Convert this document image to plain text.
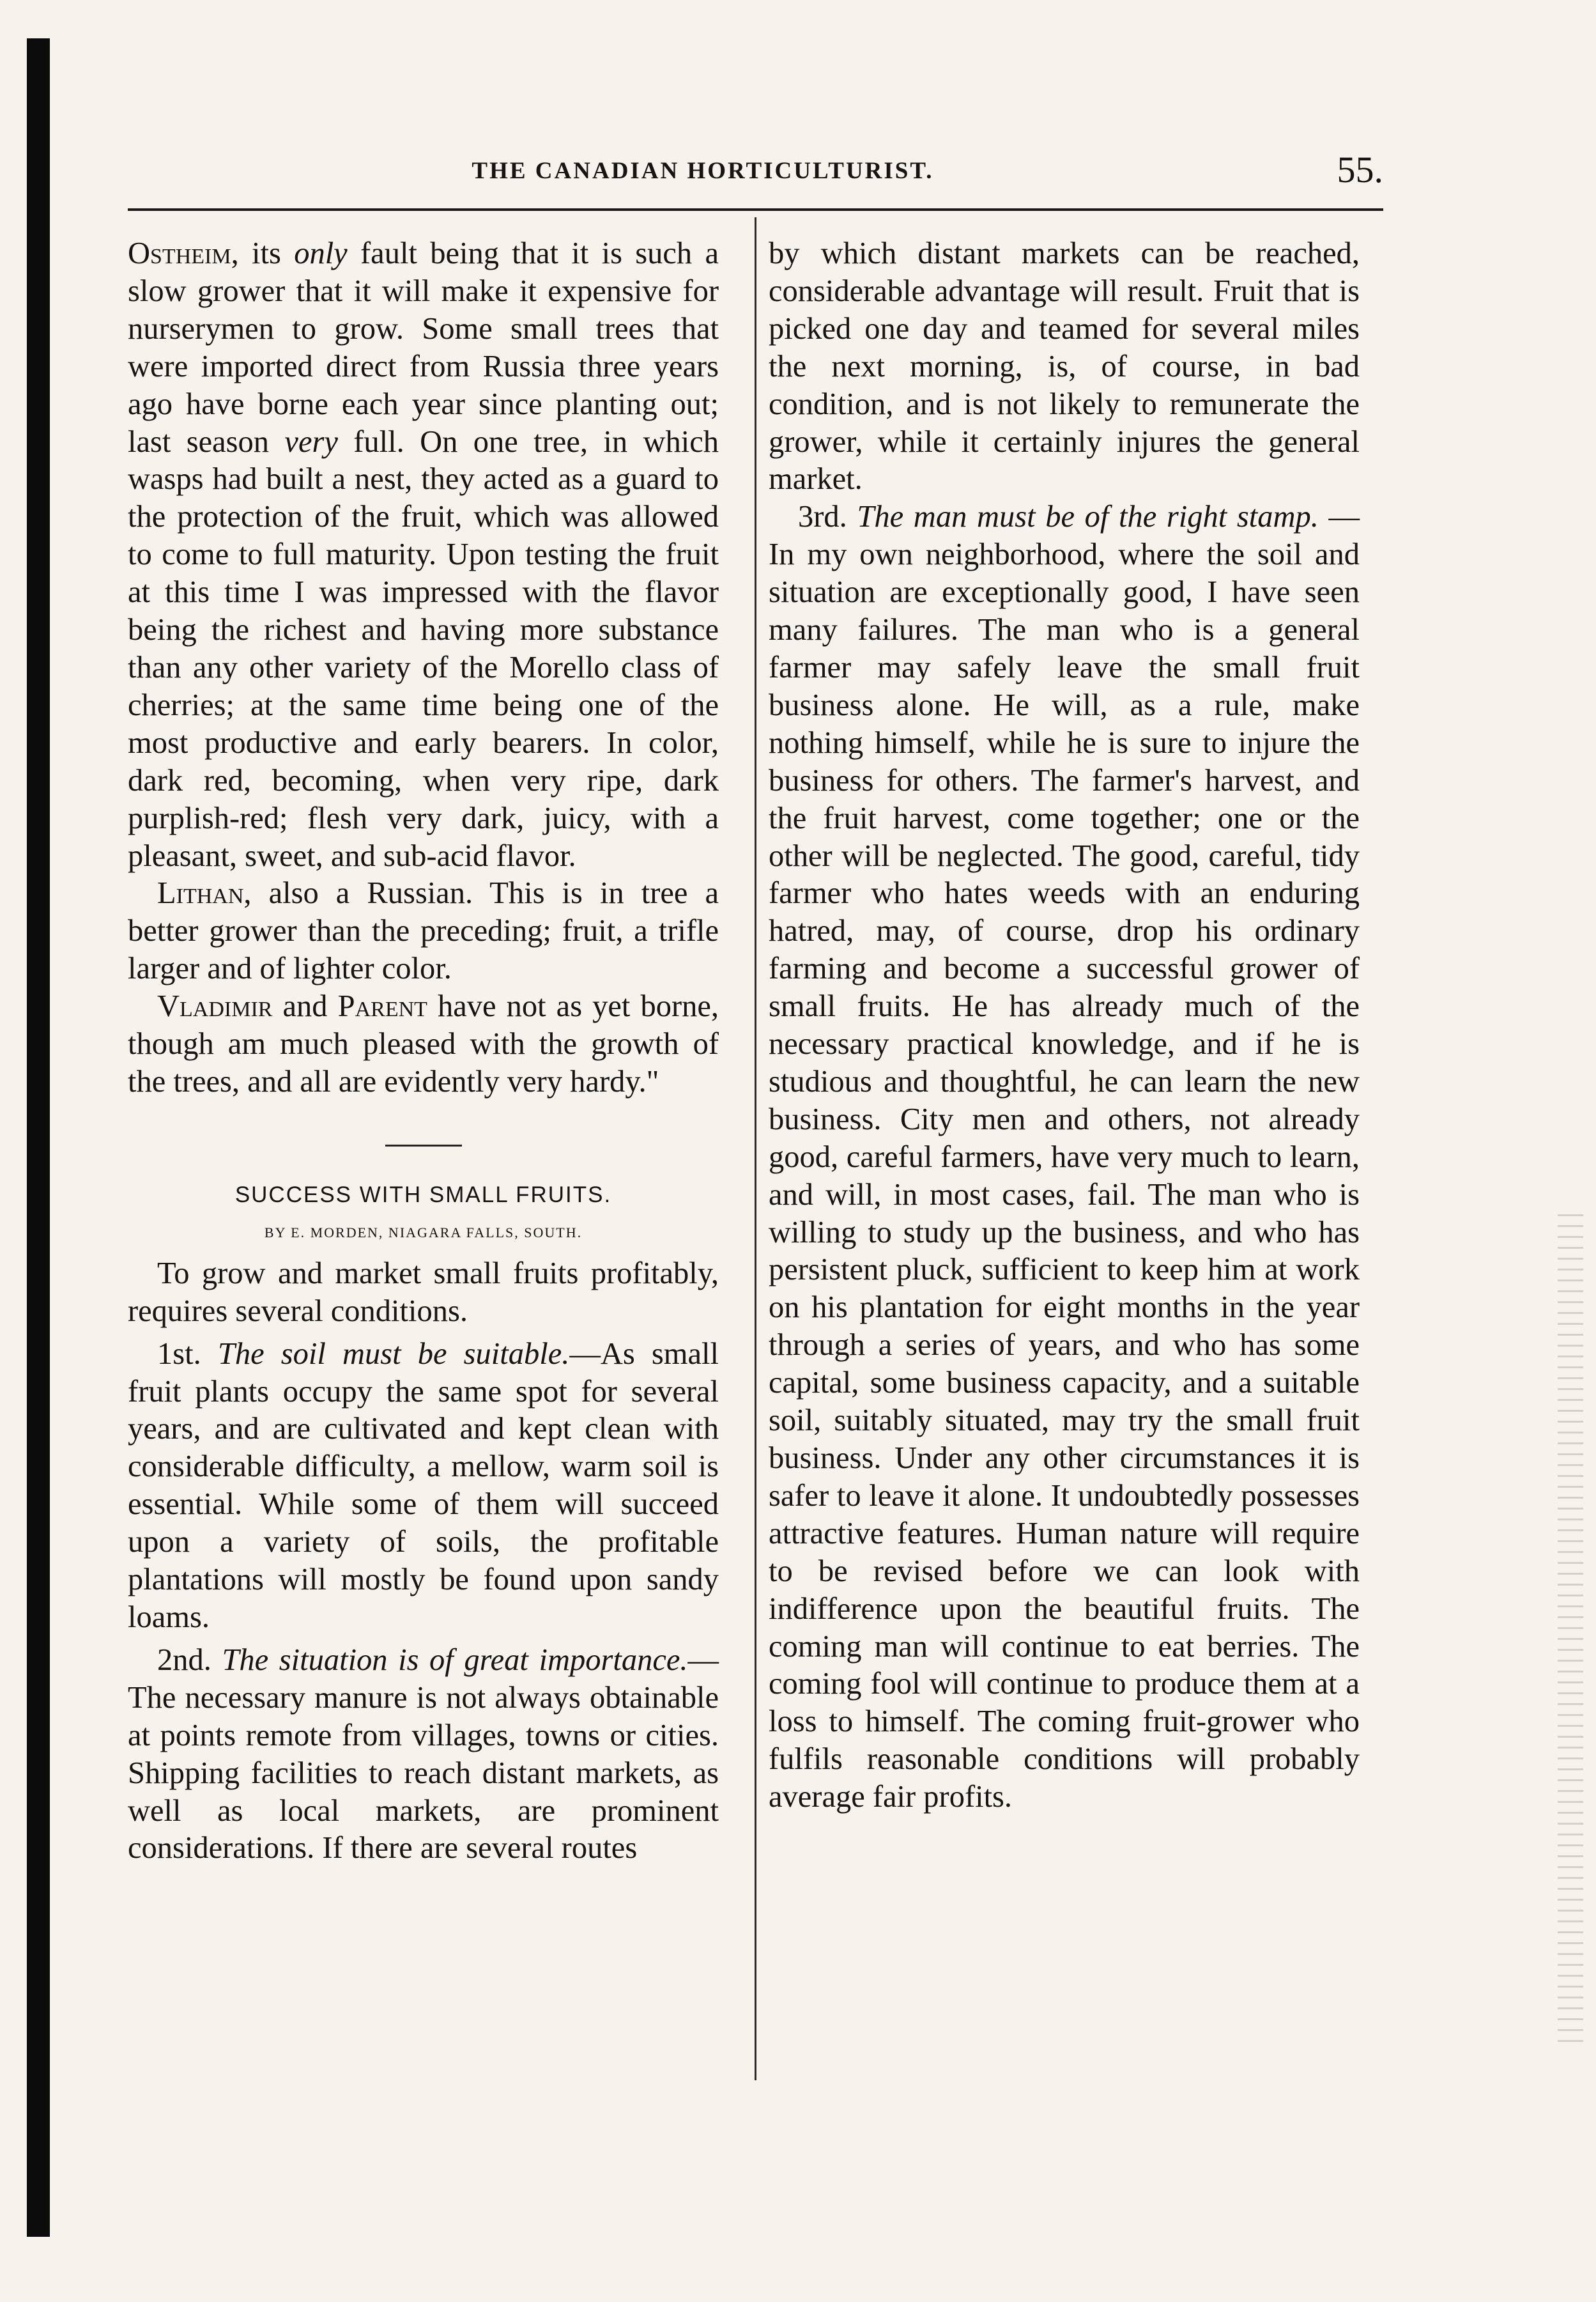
THE CANADIAN HORTICULTURIST.	55.

Ostheim, its only fault being that it is such a slow grower that it will make it expensive for nurserymen to grow. Some small trees that were imported direct from Russia three years ago have borne each year since planting out; last season very full. On one tree, in which wasps had built a nest, they acted as a guard to the protection of the fruit, which was allowed to come to full maturity. Upon testing the fruit at this time I was impressed with the flavor being the richest and having more substance than any other variety of the Morello class of cherries; at the same time being one of the most productive and early bearers. In color, dark red, becoming, when very ripe, dark purplish-red; flesh very dark, juicy, with a pleasant, sweet, and sub-acid flavor.

Lithan, also a Russian. This is in tree a better grower than the preceding; fruit, a trifle larger and of lighter color.

Vladimir and Parent have not as yet borne, though am much pleased with the growth of the trees, and all are evidently very hardy."

SUCCESS WITH SMALL FRUITS.
BY E. MORDEN, NIAGARA FALLS, SOUTH.

To grow and market small fruits profitably, requires several conditions.

1st. The soil must be suitable.—As small fruit plants occupy the same spot for several years, and are cultivated and kept clean with considerable difficulty, a mellow, warm soil is essential. While some of them will succeed upon a variety of soils, the profitable plantations will mostly be found upon sandy loams.

2nd. The situation is of great importance.—The necessary manure is not always obtainable at points remote from villages, towns or cities. Shipping facilities to reach distant markets, as well as local markets, are prominent considerations. If there are several routes

by which distant markets can be reached, considerable advantage will result. Fruit that is picked one day and teamed for several miles the next morning, is, of course, in bad condition, and is not likely to remunerate the grower, while it certainly injures the general market.

3rd. The man must be of the right stamp. — In my own neighborhood, where the soil and situation are exceptionally good, I have seen many failures. The man who is a general farmer may safely leave the small fruit business alone. He will, as a rule, make nothing himself, while he is sure to injure the business for others. The farmer's harvest, and the fruit harvest, come together; one or the other will be neglected. The good, careful, tidy farmer who hates weeds with an enduring hatred, may, of course, drop his ordinary farming and become a successful grower of small fruits. He has already much of the necessary practical knowledge, and if he is studious and thoughtful, he can learn the new business. City men and others, not already good, careful farmers, have very much to learn, and will, in most cases, fail. The man who is willing to study up the business, and who has persistent pluck, sufficient to keep him at work on his plantation for eight months in the year through a series of years, and who has some capital, some business capacity, and a suitable soil, suitably situated, may try the small fruit business. Under any other circumstances it is safer to leave it alone. It undoubtedly possesses attractive features. Human nature will require to be revised before we can look with indifference upon the beautiful fruits. The coming man will continue to eat berries. The coming fool will continue to produce them at a loss to himself. The coming fruit-grower who fulfils reasonable conditions will probably average fair profits.
